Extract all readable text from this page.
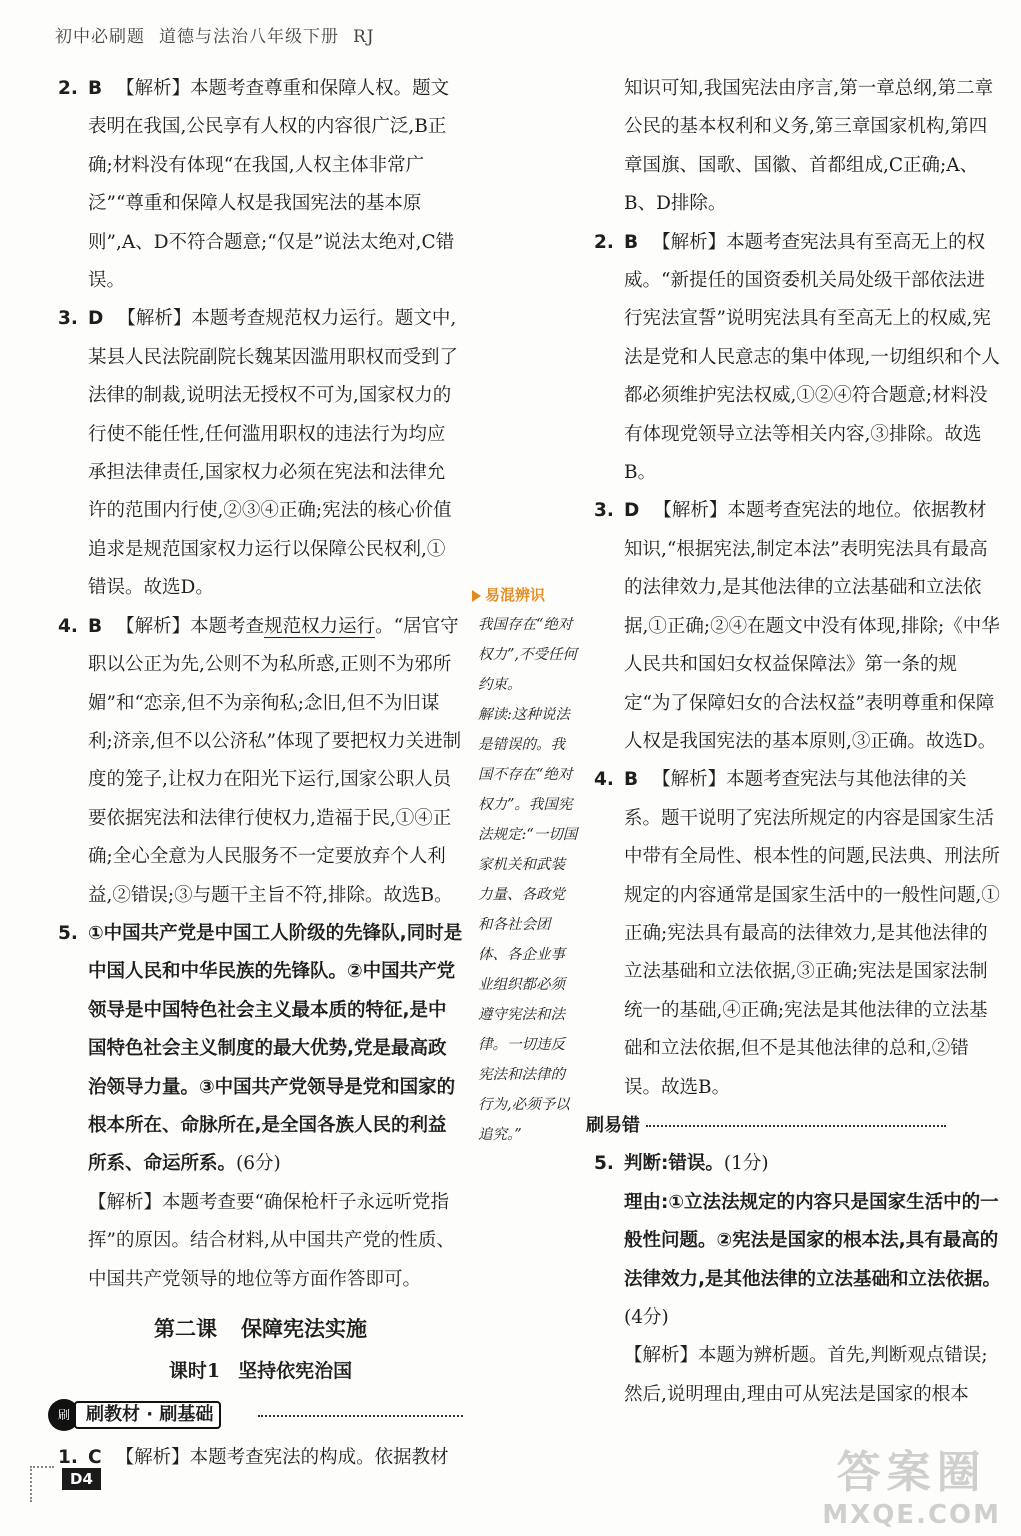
初中必刷题 道德与法治八年级下册 RJ

2. B 【解析】本题考查尊重和保障人权。题文表明在我国,公民享有人权的内容很广泛,B正确;材料没有体现“在我国,人权主体非常广泛”“尊重和保障人权是我国宪法的基本原则”,A、D不符合题意;“仅是”说法太绝对,C错误。

3. D 【解析】本题考查规范权力运行。题文中,某县人民法院副院长魏某因滥用职权而受到了法律的制裁,说明法无授权不可为,国家权力的行使不能任性,任何滥用职权的违法行为均应承担法律责任,国家权力必须在宪法和法律允许的范围内行使,②③④正确;宪法的核心价值追求是规范国家权力运行以保障公民权利,①错误。故选D。

4. B 【解析】本题考查规范权力运行。“居官守职以公正为先,公则不为私所惑,正则不为邪所媚”和“恋亲,但不为亲徇私;念旧,但不为旧谋利;济亲,但不以公济私”体现了要把权力关进制度的笼子,让权力在阳光下运行,国家公职人员要依据宪法和法律行使权力,造福于民,①④正确;全心全意为人民服务不一定要放弃个人利益,②错误;③与题干主旨不符,排除。故选B。

5. ①中国共产党是中国工人阶级的先锋队,同时是中国人民和中华民族的先锋队。②中国共产党领导是中国特色社会主义最本质的特征,是中国特色社会主义制度的最大优势,党是最高政治领导力量。③中国共产党领导是党和国家的根本所在、命脉所在,是全国各族人民的利益所系、命运所系。(6分)
【解析】本题考查要“确保枪杆子永远听党指挥”的原因。结合材料,从中国共产党的性质、中国共产党领导的地位等方面作答即可。

第二课 保障宪法实施
课时1 坚持依宪治国
刷 刷教材 · 刷基础

1. C 【解析】本题考查宪法的构成。依据教材

易混辨识

我国存在“绝对权力”,不受任何约束。

解读:这种说法是错误的。我国不存在“绝对权力”。我国宪法规定:“一切国家机关和武装力量、各政党和各社会团体、各企业事业组织都必须遵守宪法和法律。一切违反宪法和法律的行为,必须予以追究。”

知识可知,我国宪法由序言,第一章总纲,第二章公民的基本权利和义务,第三章国家机构,第四章国旗、国歌、国徽、首都组成,C正确;A、B、D排除。

2. B 【解析】本题考查宪法具有至高无上的权威。“新提任的国资委机关局处级干部依法进行宪法宣誓”说明宪法具有至高无上的权威,宪法是党和人民意志的集中体现,一切组织和个人都必须维护宪法权威,①②④符合题意;材料没有体现党领导立法等相关内容,③排除。故选B。

3. D 【解析】本题考查宪法的地位。依据教材知识,“根据宪法,制定本法”表明宪法具有最高的法律效力,是其他法律的立法基础和立法依据,①正确;②④在题文中没有体现,排除;《中华人民共和国妇女权益保障法》第一条的规定“为了保障妇女的合法权益”表明尊重和保障人权是我国宪法的基本原则,③正确。故选D。

4. B 【解析】本题考查宪法与其他法律的关系。题干说明了宪法所规定的内容是国家生活中带有全局性、根本性的问题,民法典、刑法所规定的内容通常是国家生活中的一般性问题,①正确;宪法具有最高的法律效力,是其他法律的立法基础和立法依据,③正确;宪法是国家法制统一的基础,④正确;宪法是其他法律的立法基础和立法依据,但不是其他法律的总和,②错误。故选B。

刷易错

5. 判断:错误。(1分)
理由:①立法法规定的内容只是国家生活中的一般性问题。②宪法是国家的根本法,具有最高的法律效力,是其他法律的立法基础和立法依据。(4分)
【解析】本题为辨析题。首先,判断观点错误;然后,说明理由,理由可从宪法是国家的根本

D4	答案圈
MXQE.COM
